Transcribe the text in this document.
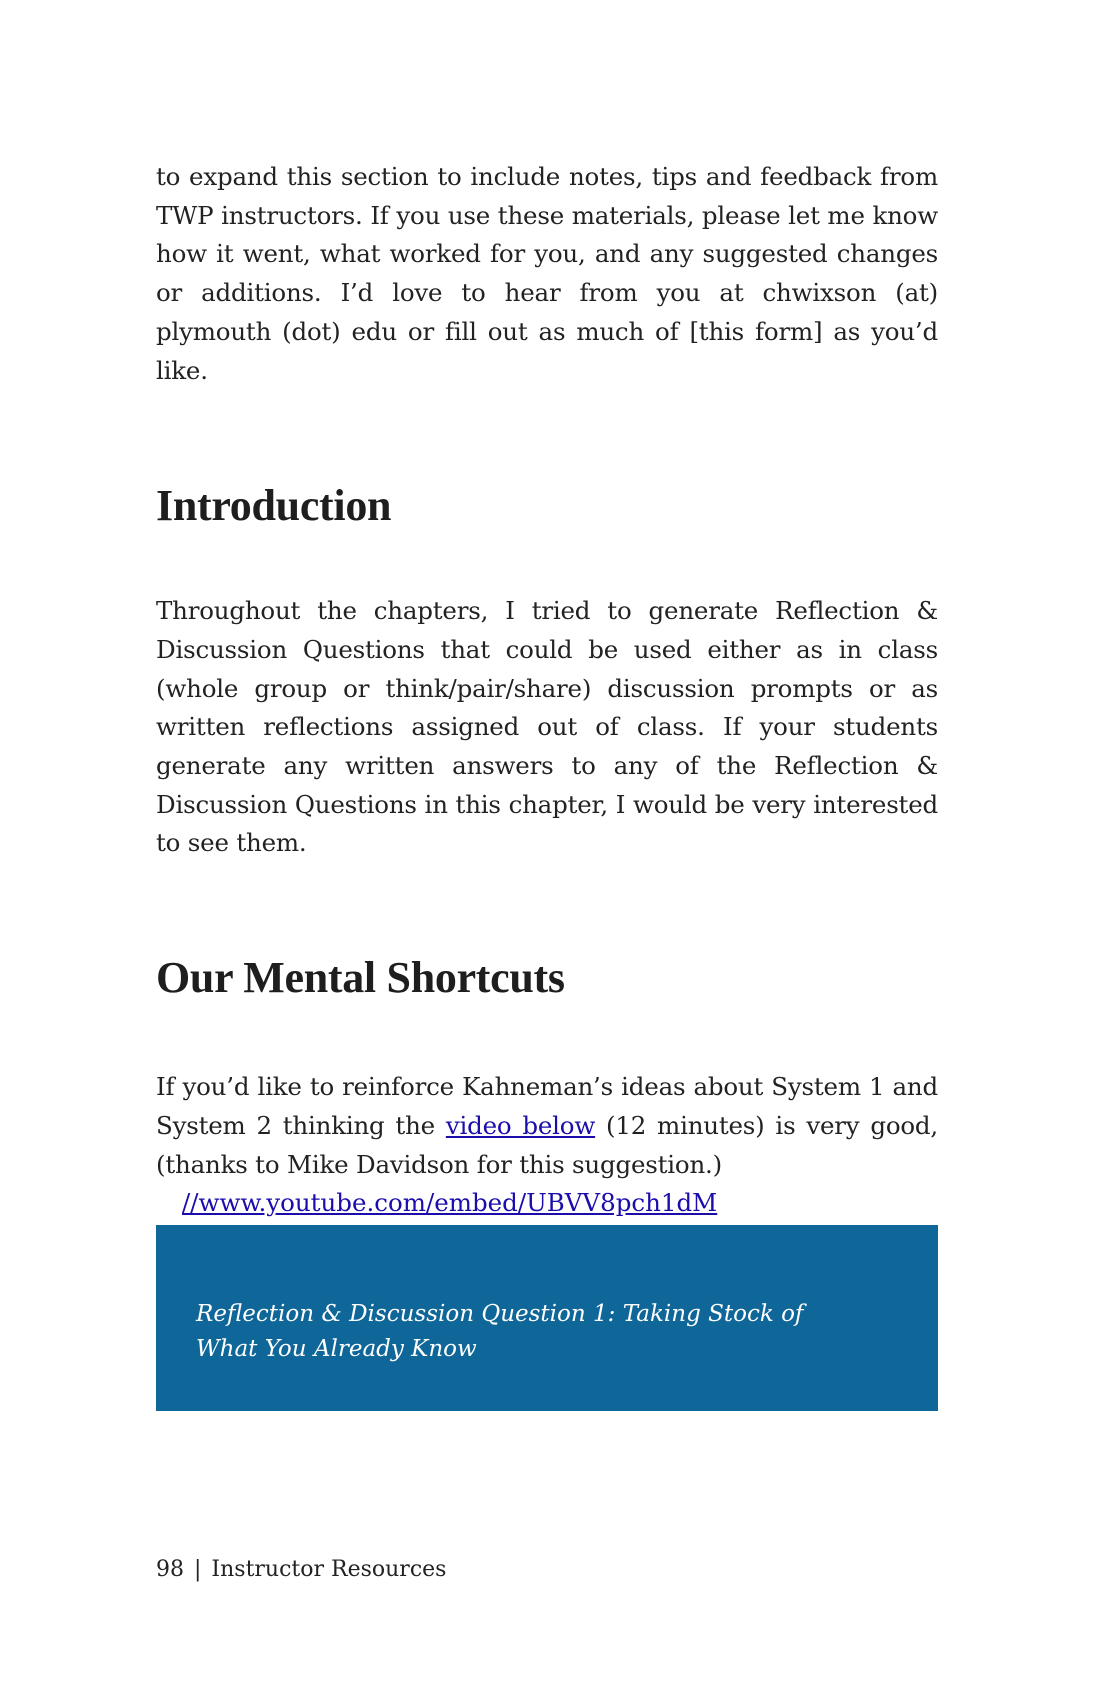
to expand this section to include notes, tips and feedback from TWP instructors. If you use these materials, please let me know how it went, what worked for you, and any suggested changes or additions. I’d love to hear from you at chwixson (at) plymouth (dot) edu or fill out as much of [this form] as you’d like.

Introduction

Throughout the chapters, I tried to generate Reflection & Discussion Questions that could be used either as in class (whole group or think/pair/share) discussion prompts or as written reflections assigned out of class. If your students generate any written answers to any of the Reflection & Discussion Questions in this chapter, I would be very interested to see them.

Our Mental Shortcuts

If you’d like to reinforce Kahneman’s ideas about System 1 and System 2 thinking the video below (12 minutes) is very good, (thanks to Mike Davidson for this suggestion.)

//www.youtube.com/embed/UBVV8pch1dM

Reflection & Discussion Question 1: Taking Stock of What You Already Know

98 | Instructor Resources
